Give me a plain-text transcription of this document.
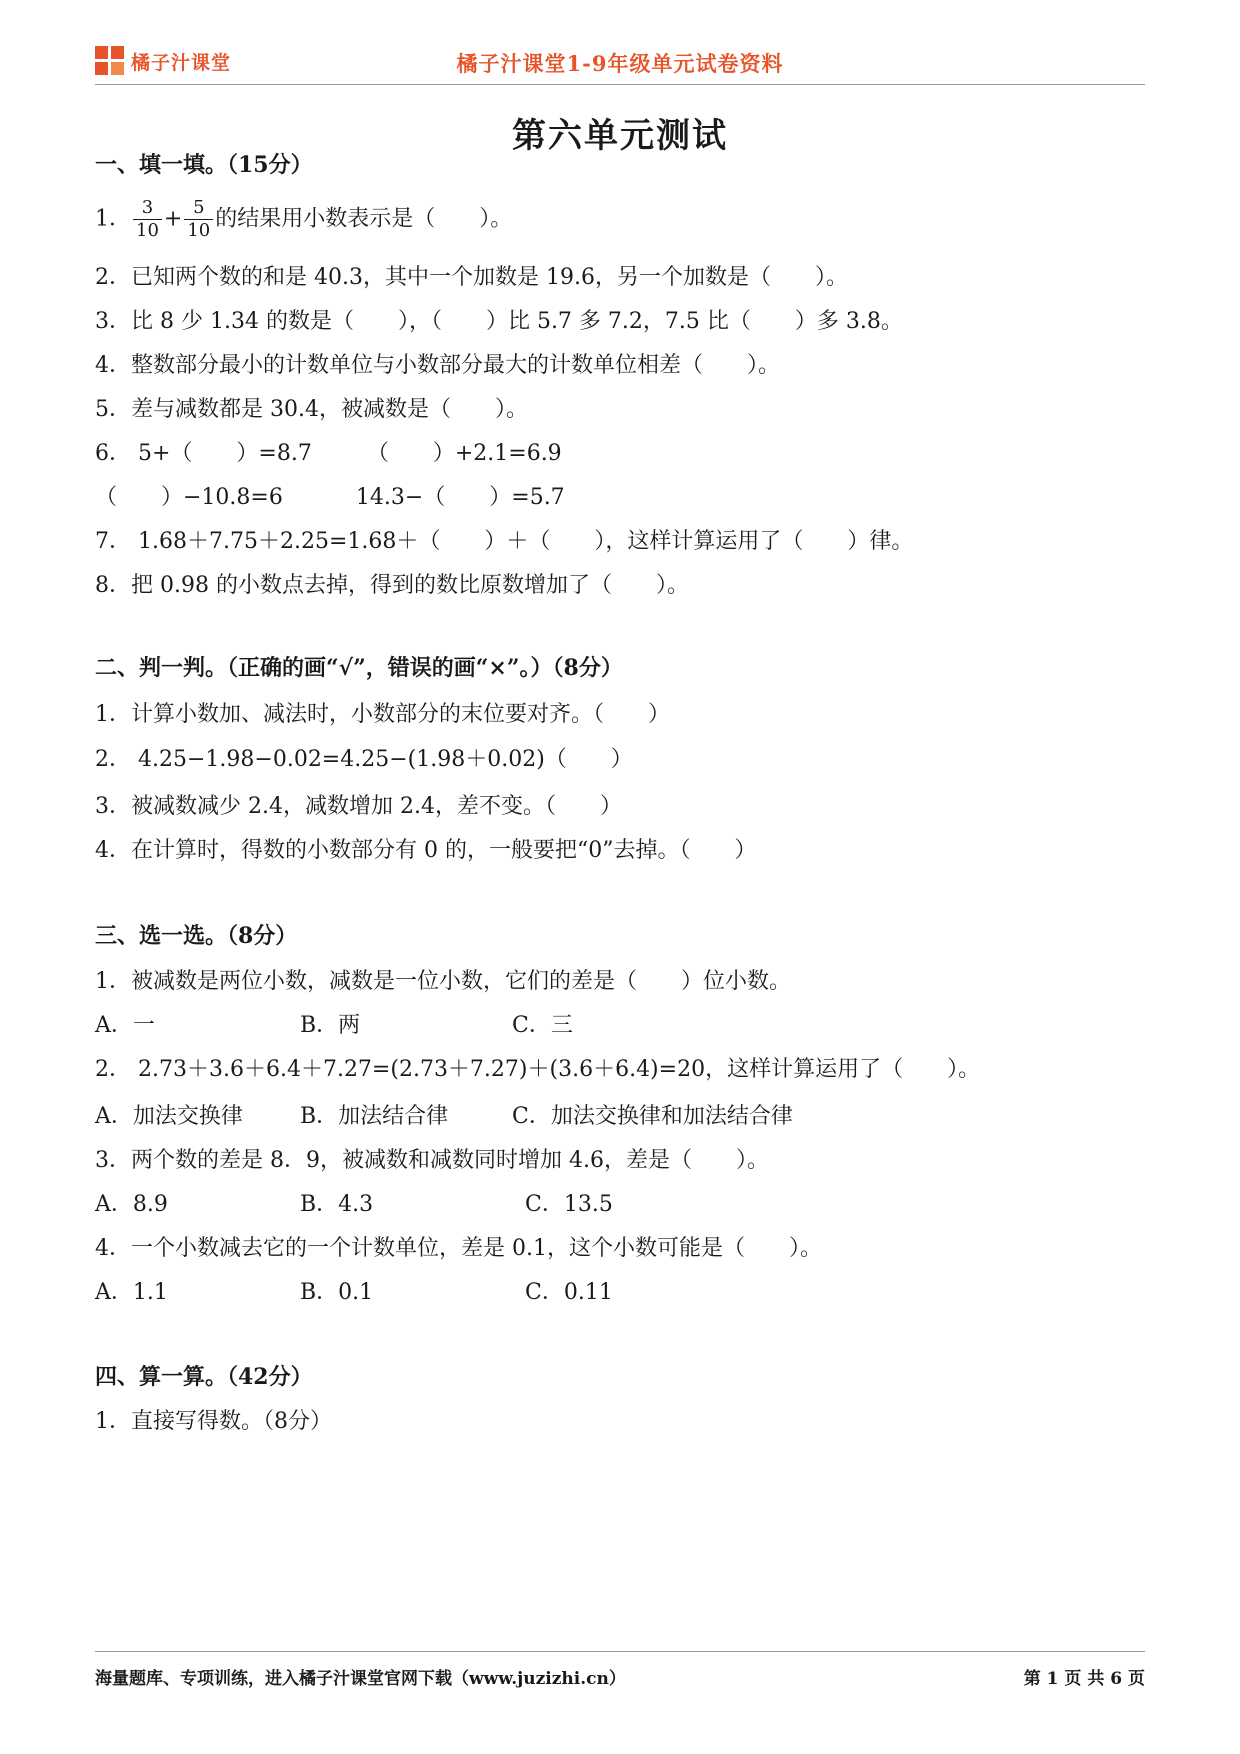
橘子汁课堂	橘子汁课堂1-9年级单元试卷资料
第六单元测试
一、填一填。（15分）
1． $\frac{3}{10} + \frac{5}{10}$ 的结果用小数表示是（　　）。
2．已知两个数的和是 40.3，其中一个加数是 19.6，另一个加数是（　　）。
3．比 8 少 1.34 的数是（　　），（　　）比 5.7 多 7.2，7.5 比（　　）多 3.8。
4．整数部分最小的计数单位与小数部分最大的计数单位相差（　　）。
5．差与减数都是 30.4，被减数是（　　）。
6． 5+（　　）=8.7　　　（　　）+2.1=6.9
（　　）−10.8=6　　　 14.3−（　　）=5.7
7． 1.68＋7.75＋2.25=1.68＋（　　）＋（　　），这样计算运用了（　　）律。
8．把 0.98 的小数点去掉，得到的数比原数增加了（　　）。
二、判一判。（正确的画“√”，错误的画“×”。）（8分）
1．计算小数加、减法时，小数部分的末位要对齐。（　　）
2． 4.25−1.98−0.02=4.25−(1.98＋0.02)（　　）
3．被减数减少 2.4，减数增加 2.4，差不变。（　　）
4．在计算时，得数的小数部分有 0 的，一般要把“0”去掉。（　　）
三、选一选。（8分）
1．被减数是两位小数，减数是一位小数，它们的差是（　　）位小数。
A．一	B．两	C．三
2． 2.73＋3.6＋6.4＋7.27=(2.73＋7.27)＋(3.6＋6.4)=20，这样计算运用了（　　）。
A．加法交换律	B．加法结合律	C．加法交换律和加法结合律
3．两个数的差是 8．9，被减数和减数同时增加 4.6，差是（　　）。
A．8.9	B．4.3	C．13.5
4．一个小数减去它的一个计数单位，差是 0.1，这个小数可能是（　　）。
A．1.1	B．0.1	C．0.11
四、算一算。（42分）
1．直接写得数。（8分）
海量题库、专项训练，进入橘子汁课堂官网下载（www.juzizhi.cn）	第 1 页 共 6 页
